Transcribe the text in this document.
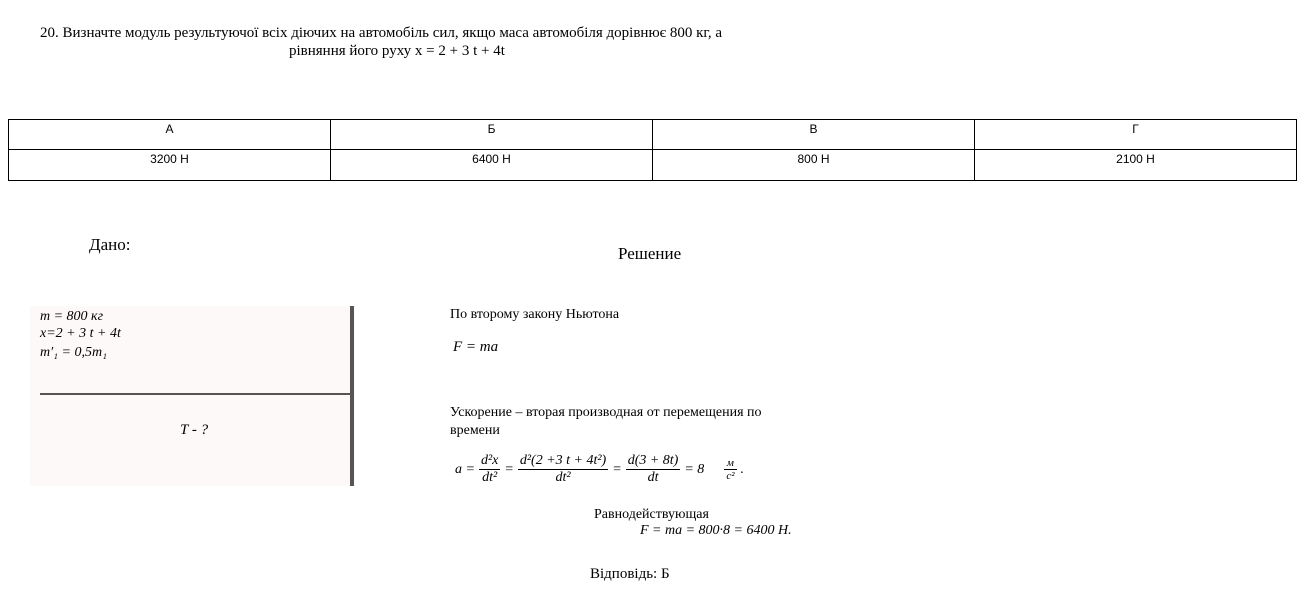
20. Визначте модуль результуючої всіх діючих на автомобіль сил, якщо маса автомобіля дорівнює 800 кг, а
рівняння його руху x = 2 + 3 t + 4t
А	Б	В	Г
3200 Н	6400 Н	800 Н	2100 Н
Дано:	Решение
m = 800 кг
x=2 + 3 t + 4t
m′₁ = 0,5m₁
T - ?
По второму закону Ньютона
F = ma
Ускорение – вторая производная от перемещения по
времени
$a = \frac{\text{d²x}}{\text{dt²}} = \frac{\text{d²(2 +3 t + 4t²)}}{\text{dt²}} = \frac{d(3 + 8t)}{dt} = 8 \frac{м}{\text{c²}}$ .
Равнодействующая
F = ma = 800·8 = 6400 Н.
Відповідь: Б
